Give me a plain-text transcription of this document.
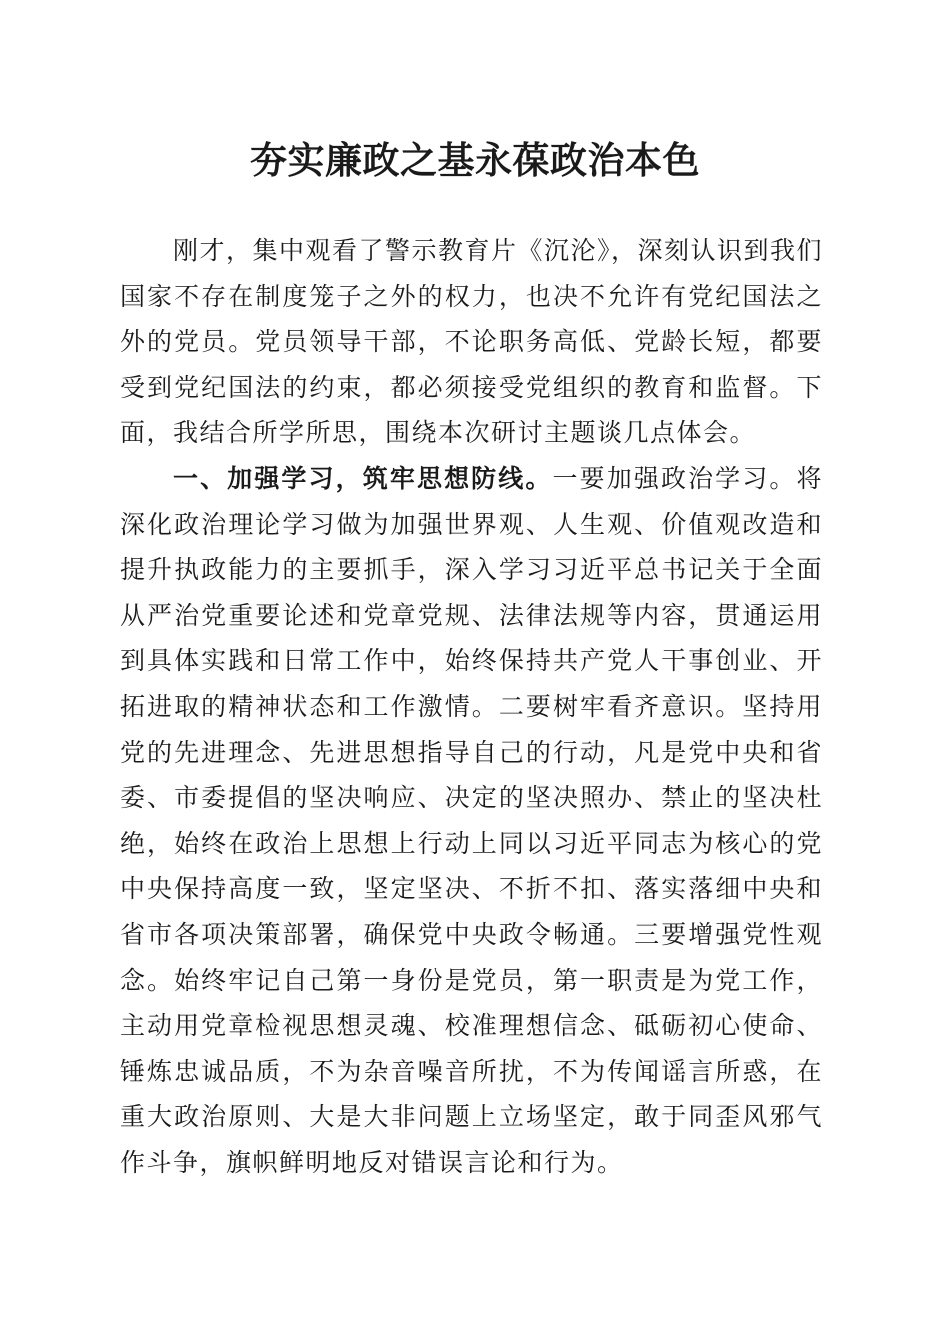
夯实廉政之基永葆政治本色

刚才，集中观看了警示教育片《沉沦》，深刻认识到我们国家不存在制度笼子之外的权力，也决不允许有党纪国法之外的党员。党员领导干部，不论职务高低、党龄长短，都要受到党纪国法的约束，都必须接受党组织的教育和监督。下面，我结合所学所思，围绕本次研讨主题谈几点体会。

一、加强学习，筑牢思想防线。一要加强政治学习。将深化政治理论学习做为加强世界观、人生观、价值观改造和提升执政能力的主要抓手，深入学习习近平总书记关于全面从严治党重要论述和党章党规、法律法规等内容，贯通运用到具体实践和日常工作中，始终保持共产党人干事创业、开拓进取的精神状态和工作激情。二要树牢看齐意识。坚持用党的先进理念、先进思想指导自己的行动，凡是党中央和省委、市委提倡的坚决响应、决定的坚决照办、禁止的坚决杜绝，始终在政治上思想上行动上同以习近平同志为核心的党中央保持高度一致，坚定坚决、不折不扣、落实落细中央和省市各项决策部署，确保党中央政令畅通。三要增强党性观念。始终牢记自己第一身份是党员，第一职责是为党工作，主动用党章检视思想灵魂、校准理想信念、砥砺初心使命、锤炼忠诚品质，不为杂音噪音所扰，不为传闻谣言所惑，在重大政治原则、大是大非问题上立场坚定，敢于同歪风邪气作斗争，旗帜鲜明地反对错误言论和行为。
